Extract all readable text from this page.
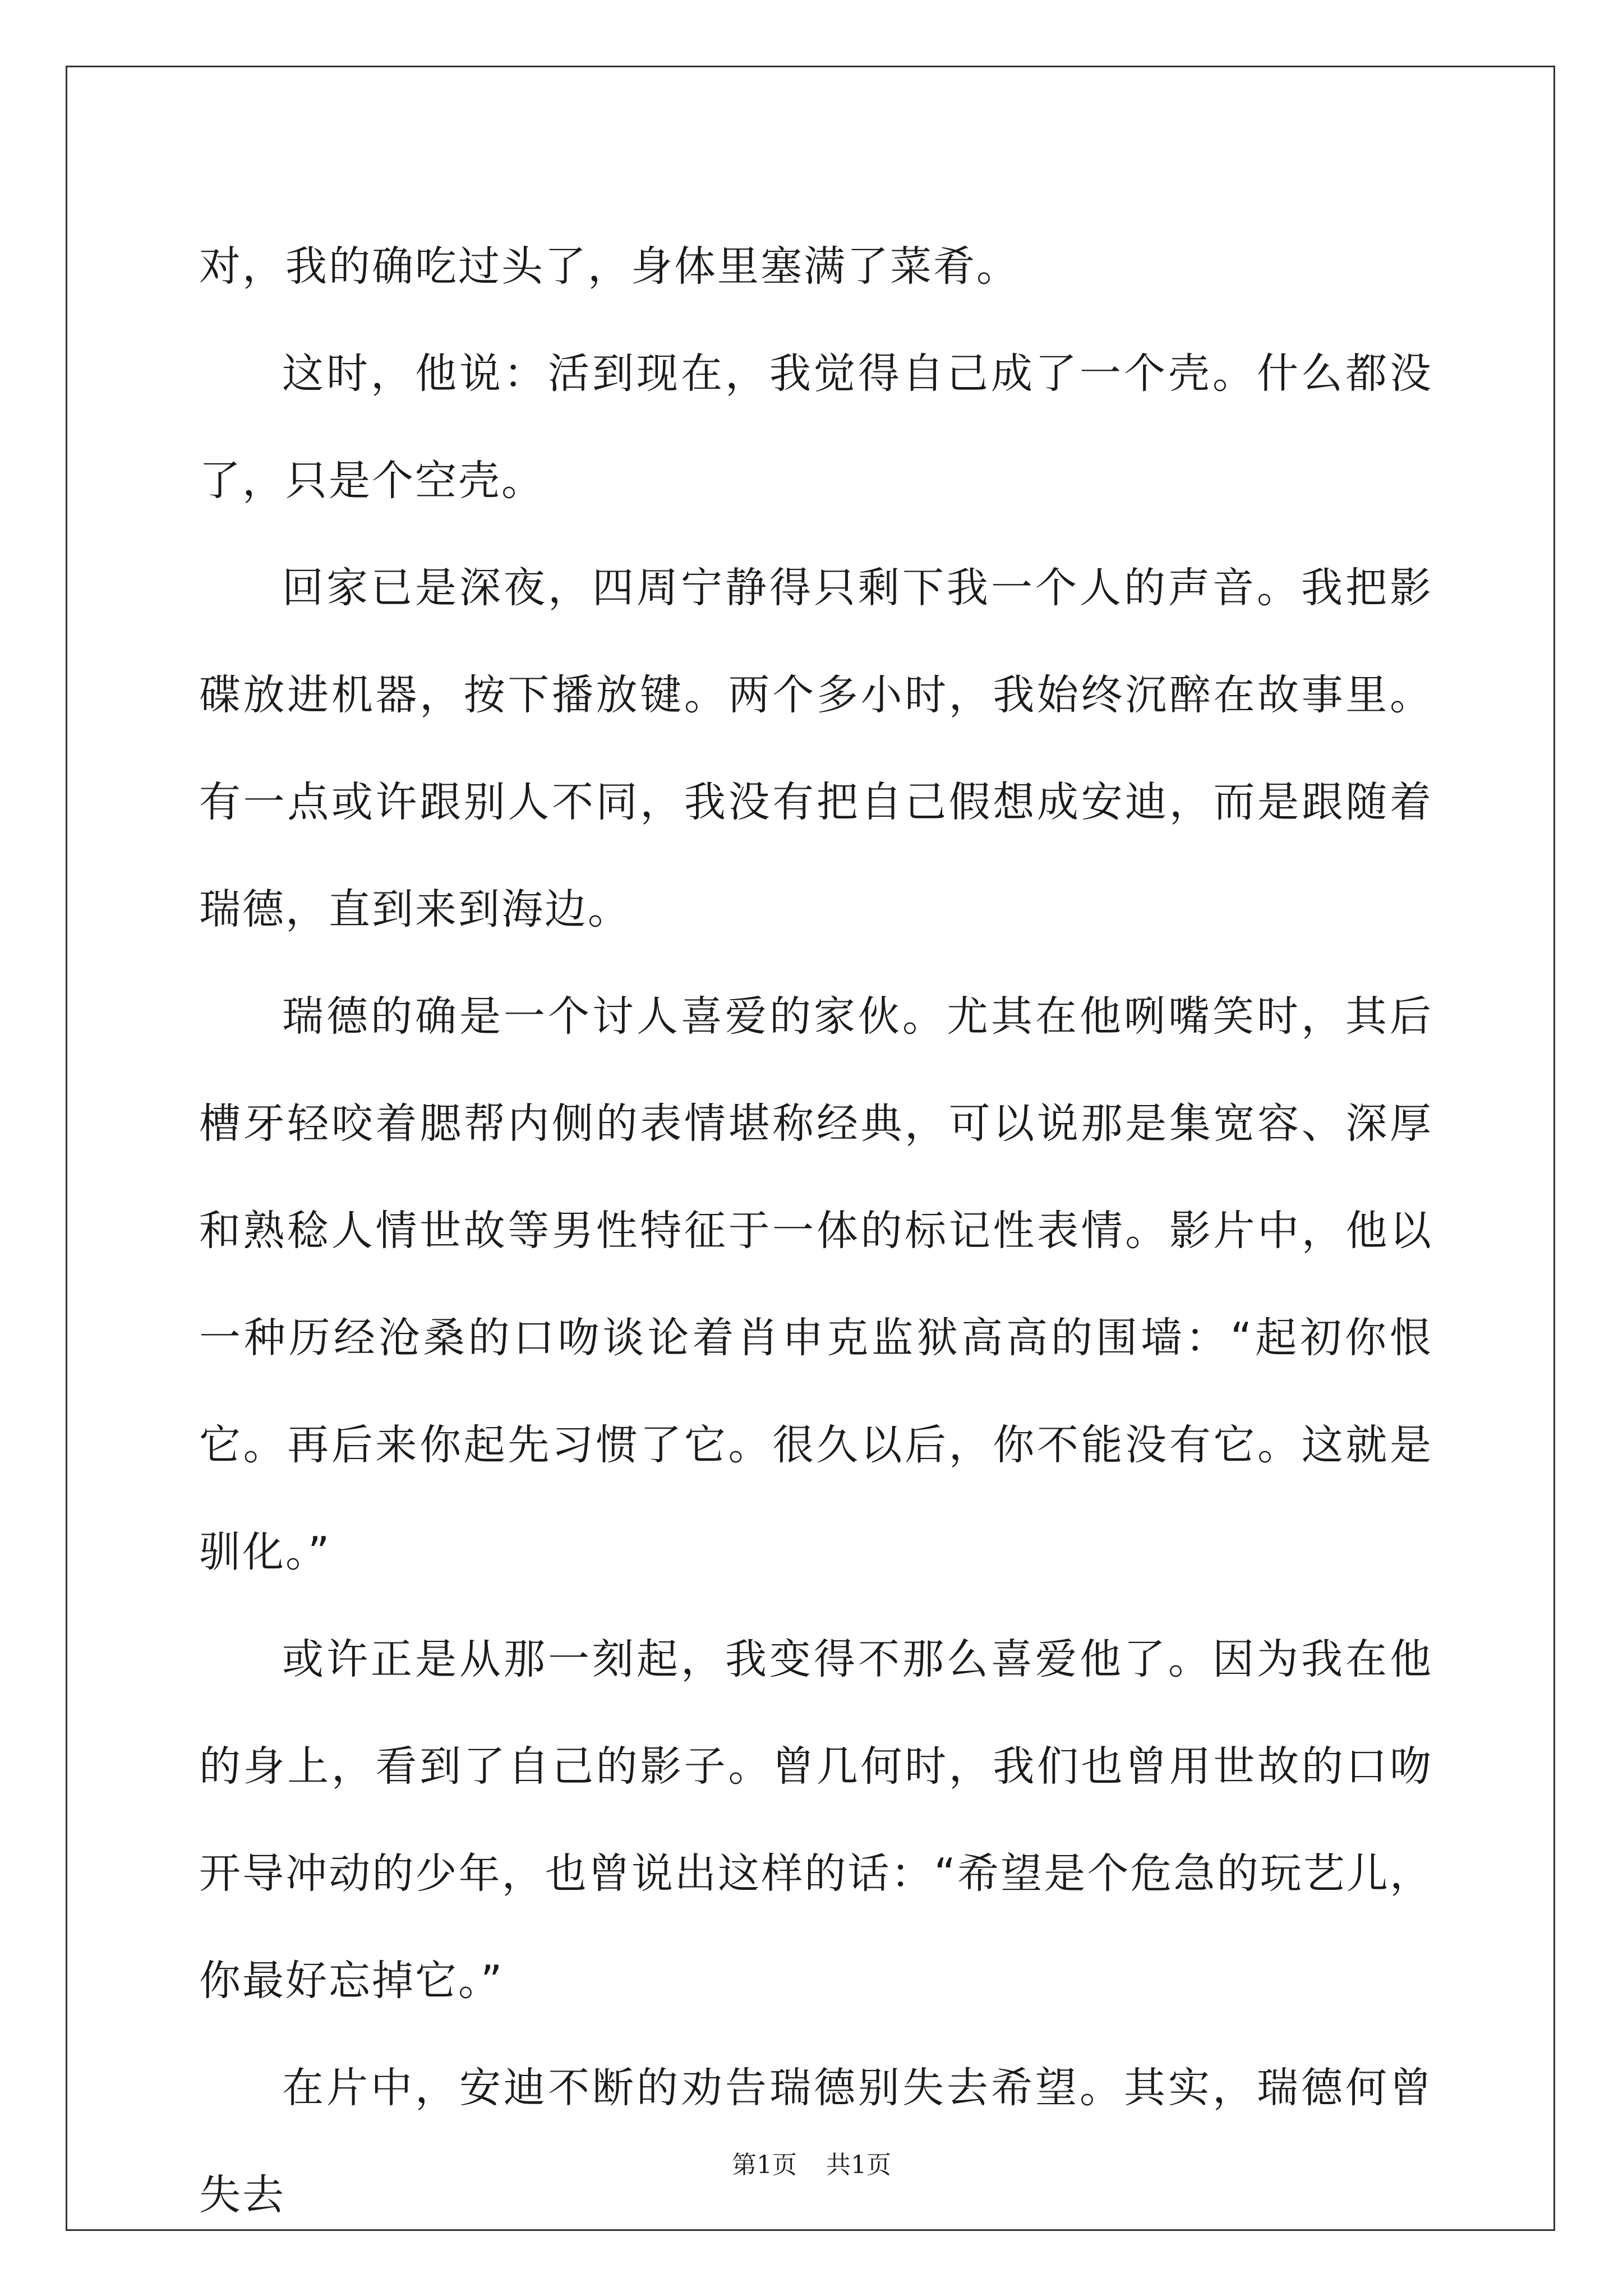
对，我的确吃过头了，身体里塞满了菜肴。

这时，他说：活到现在，我觉得自己成了一个壳。什么都没了，只是个空壳。

回家已是深夜，四周宁静得只剩下我一个人的声音。我把影碟放进机器，按下播放键。两个多小时，我始终沉醉在故事里。有一点或许跟别人不同，我没有把自己假想成安迪，而是跟随着瑞德，直到来到海边。

瑞德的确是一个讨人喜爱的家伙。尤其在他咧嘴笑时，其后槽牙轻咬着腮帮内侧的表情堪称经典，可以说那是集宽容、深厚和熟稔人情世故等男性特征于一体的标记性表情。影片中，他以一种历经沧桑的口吻谈论着肖申克监狱高高的围墙：“起初你恨它。再后来你起先习惯了它。很久以后，你不能没有它。这就是驯化。”

或许正是从那一刻起，我变得不那么喜爱他了。因为我在他的身上，看到了自己的影子。曾几何时，我们也曾用世故的口吻开导冲动的少年，也曾说出这样的话：“希望是个危急的玩艺儿，你最好忘掉它。”

在片中，安迪不断的劝告瑞德别失去希望。其实，瑞德何曾失去

第1页 共1页
